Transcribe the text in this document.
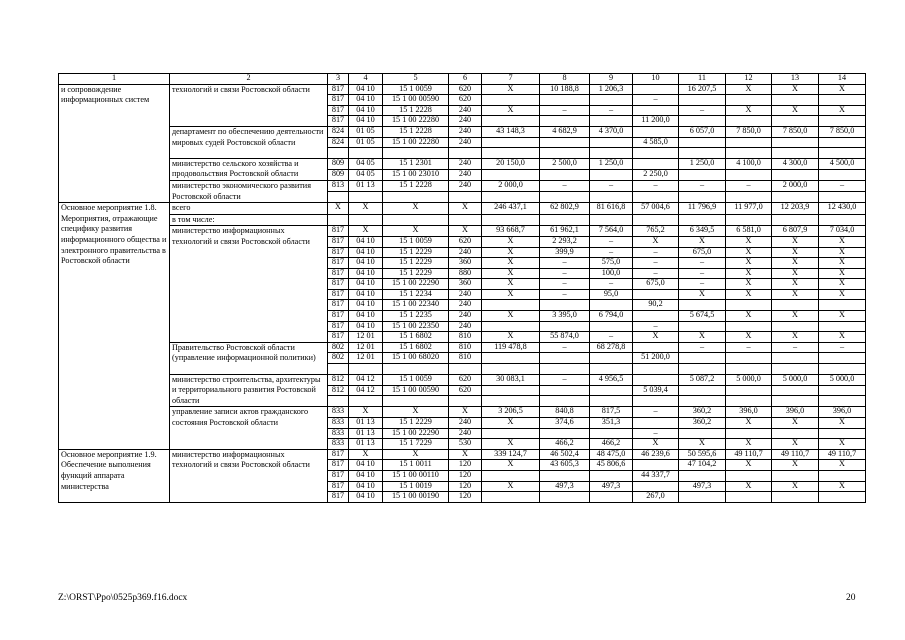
1	2	3	4	5	6	7	8	9	10	11	12	13	14
и сопровождение информационных систем	технологий и связи Ростовской области	817	04 10	15 1 0059	620	X	10 188,8	1 206,3		16 207,5	X	X	X
		817	04 10	15 1 00 00590	620				–				
		817	04 10	15 1 2228	240	X	–	–		–	X	X	X
		817	04 10	15 1 00 22280	240				11 200,0				
	департамент по обеспечению деятельности мировых судей Ростовской области	824	01 05	15 1 2228	240	43 148,3	4 682,9	4 370,0		6 057,0	7 850,0	7 850,0	7 850,0
		824	01 05	15 1 00 22280	240				4 585,0				

	министерство сельского хозяйства и продовольствия Ростовской области	809	04 05	15 1 2301	240	20 150,0	2 500,0	1 250,0		1 250,0	4 100,0	4 300,0	4 500,0
		809	04 05	15 1 00 23010	240				2 250,0				
	министерство экономического развития Ростовской области	813	01 13	15 1 2228	240	2 000,0	–	–	–	–	–	2 000,0	–

Основное мероприятие 1.8. Мероприятия, отражающие специфику развития информационного общества и электронного правительства в Ростовской области	всего	X	X	X	X	246 437,1	62 802,9	81 616,8	57 004,6	11 796,9	11 977,0	12 203,9	12 430,0
	в том числе:												
	министерство информационных технологий и связи Ростовской области	817	X	X	X	93 668,7	61 962,1	7 564,0	765,2	6 349,5	6 581,0	6 807,9	7 034,0
		817	04 10	15 1 0059	620	X	2 293,2	–	X	X	X	X	X
		817	04 10	15 1 2229	240	X	399,9	–	–	675,0	X	X	X
		817	04 10	15 1 2229	360	X	–	575,0	–	–	X	X	X
		817	04 10	15 1 2229	880	X	–	100,0	–	–	X	X	X
		817	04 10	15 1 00 22290	360	X	–	–	675,0	–	X	X	X
		817	04 10	15 1 2234	240	X	–	95,0		X	X	X	X
		817	04 10	15 1 00 22340	240				90,2				
		817	04 10	15 1 2235	240	X	3 395,0	6 794,0		5 674,5	X	X	X
		817	04 10	15 1 00 22350	240				–				
		817	12 01	15 1 6802	810	X	55 874,0	–	X	X	X	X	X
	Правительство Ростовской области (управление информационной политики)	802	12 01	15 1 6802	810	119 478,8	–	68 278,8		–	–	–	–
		802	12 01	15 1 00 68020	810				51 200,0				

	министерство строительства, архитектуры и территориального развития Ростовской области	812	04 12	15 1 0059	620	30 083,1	–	4 956,5		5 087,2	5 000,0	5 000,0	5 000,0
		812	04 12	15 1 00 00590	620				5 039,4				

	управление записи актов гражданского состояния Ростовской области	833	X	X	X	3 206,5	840,8	817,5	–	360,2	396,0	396,0	396,0
		833	01 13	15 1 2229	240	X	374,6	351,3		360,2	X	X	X
		833	01 13	15 1 00 22290	240				–				
		833	01 13	15 1 7229	530	X	466,2	466,2	X	X	X	X	X
Основное мероприятие 1.9. Обеспечение выполнения функций аппарата министерства	министерство информационных технологий и связи Ростовской области	817	X	X	X	339 124,7	46 502,4	48 475,0	46 239,6	50 595,6	49 110,7	49 110,7	49 110,7
		817	04 10	15 1 0011	120	X	43 605,3	45 806,6		47 104,2	X	X	X
		817	04 10	15 1 00 00110	120				44 337,7				
		817	04 10	15 1 0019	120	X	497,3	497,3		497,3	X	X	X
		817	04 10	15 1 00 00190	120				267,0				
Z:\ORST\Ppo\0525p369.f16.docx	20
